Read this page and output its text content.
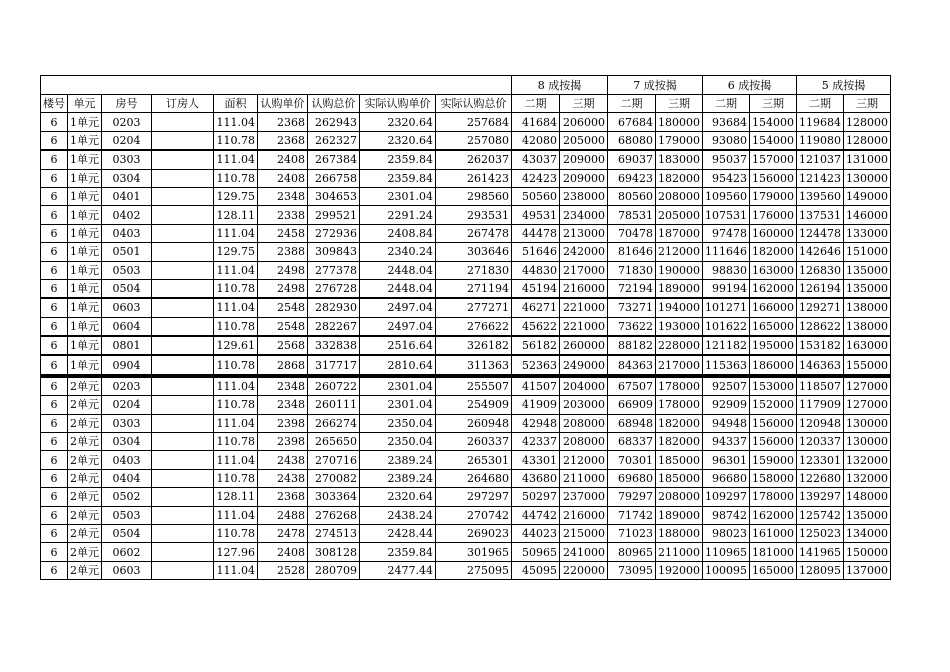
									8 成按揭		7 成按揭		6 成按揭		5 成按揭	
楼号	单元	房号	订房人	面积	认购单价	认购总价	实际认购单价	实际认购总价	二期	三期	二期	三期	二期	三期	二期	三期
6	1单元	0203		111.04	2368	262943	2320.64	257684	41684	206000	67684	180000	93684	154000	119684	128000
6	1单元	0204		110.78	2368	262327	2320.64	257080	42080	205000	68080	179000	93080	154000	119080	128000
6	1单元	0303		111.04	2408	267384	2359.84	262037	43037	209000	69037	183000	95037	157000	121037	131000
6	1单元	0304		110.78	2408	266758	2359.84	261423	42423	209000	69423	182000	95423	156000	121423	130000
6	1单元	0401		129.75	2348	304653	2301.04	298560	50560	238000	80560	208000	109560	179000	139560	149000
6	1单元	0402		128.11	2338	299521	2291.24	293531	49531	234000	78531	205000	107531	176000	137531	146000
6	1单元	0403		111.04	2458	272936	2408.84	267478	44478	213000	70478	187000	97478	160000	124478	133000
6	1单元	0501		129.75	2388	309843	2340.24	303646	51646	242000	81646	212000	111646	182000	142646	151000
6	1单元	0503		111.04	2498	277378	2448.04	271830	44830	217000	71830	190000	98830	163000	126830	135000
6	1单元	0504		110.78	2498	276728	2448.04	271194	45194	216000	72194	189000	99194	162000	126194	135000
6	1单元	0603		111.04	2548	282930	2497.04	277271	46271	221000	73271	194000	101271	166000	129271	138000
6	1单元	0604		110.78	2548	282267	2497.04	276622	45622	221000	73622	193000	101622	165000	128622	138000
6	1单元	0801		129.61	2568	332838	2516.64	326182	56182	260000	88182	228000	121182	195000	153182	163000
6	1单元	0904		110.78	2868	317717	2810.64	311363	52363	249000	84363	217000	115363	186000	146363	155000
6	2单元	0203		111.04	2348	260722	2301.04	255507	41507	204000	67507	178000	92507	153000	118507	127000
6	2单元	0204		110.78	2348	260111	2301.04	254909	41909	203000	66909	178000	92909	152000	117909	127000
6	2单元	0303		111.04	2398	266274	2350.04	260948	42948	208000	68948	182000	94948	156000	120948	130000
6	2单元	0304		110.78	2398	265650	2350.04	260337	42337	208000	68337	182000	94337	156000	120337	130000
6	2单元	0403		111.04	2438	270716	2389.24	265301	43301	212000	70301	185000	96301	159000	123301	132000
6	2单元	0404		110.78	2438	270082	2389.24	264680	43680	211000	69680	185000	96680	158000	122680	132000
6	2单元	0502		128.11	2368	303364	2320.64	297297	50297	237000	79297	208000	109297	178000	139297	148000
6	2单元	0503		111.04	2488	276268	2438.24	270742	44742	216000	71742	189000	98742	162000	125742	135000
6	2单元	0504		110.78	2478	274513	2428.44	269023	44023	215000	71023	188000	98023	161000	125023	134000
6	2单元	0602		127.96	2408	308128	2359.84	301965	50965	241000	80965	211000	110965	181000	141965	150000
6	2单元	0603		111.04	2528	280709	2477.44	275095	45095	220000	73095	192000	100095	165000	128095	137000
